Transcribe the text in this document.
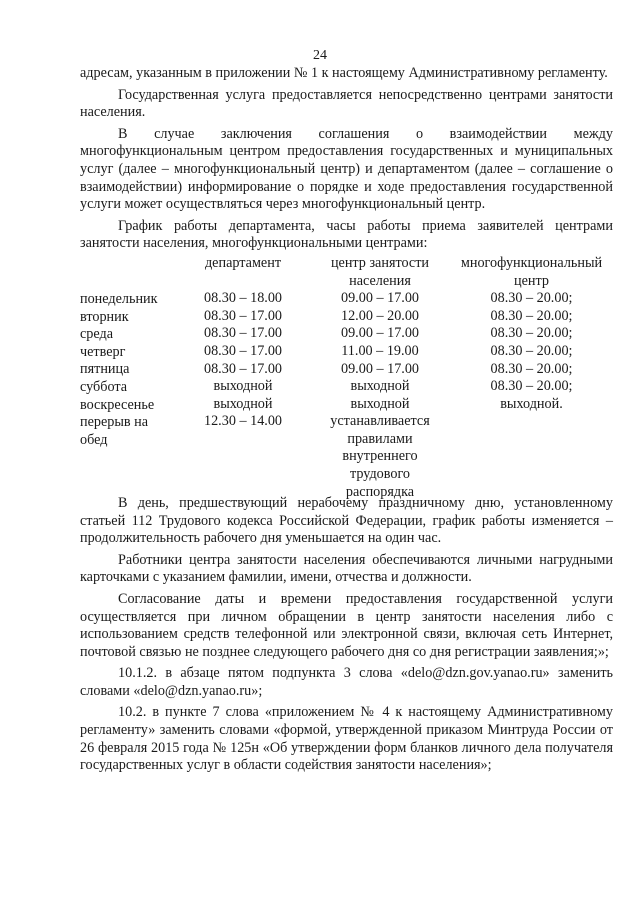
24

адресам, указанным в приложении № 1 к настоящему Административному регламенту.

Государственная услуга предоставляется непосредственно центрами занятости населения.

В случае заключения соглашения о взаимодействии между многофункциональным центром предоставления государственных и муниципальных услуг (далее – многофункциональный центр) и департаментом (далее – соглашение о взаимодействии) информирование о порядке и ходе предоставления государственной услуги может осуществляться через многофункциональный центр.

График работы департамента, часы работы приема заявителей центрами занятости населения, многофункциональными центрами:

понедельник
вторник
среда
четверг
пятница
суббота
воскресенье
перерыв на
обед
департамент
08.30 – 18.00
08.30 – 17.00
08.30 – 17.00
08.30 – 17.00
08.30 – 17.00
выходной
выходной
12.30 – 14.00
центр занятости
населения
09.00 – 17.00
12.00 – 20.00
09.00 – 17.00
11.00 – 19.00
09.00 – 17.00
выходной
выходной
устанавливается
правилами
внутреннего
трудового
распорядка
многофункциональный
центр
08.30 – 20.00;
08.30 – 20.00;
08.30 – 20.00;
08.30 – 20.00;
08.30 – 20.00;
08.30 – 20.00;
выходной.

В день, предшествующий нерабочему праздничному дню, установленному статьей 112 Трудового кодекса Российской Федерации, график работы изменяется – продолжительность рабочего дня уменьшается на один час.

Работники центра занятости населения обеспечиваются личными нагрудными карточками с указанием фамилии, имени, отчества и должности.

Согласование даты и времени предоставления государственной услуги осуществляется при личном обращении в центр занятости населения либо с использованием средств телефонной или электронной связи, включая сеть Интернет, почтовой связью не позднее следующего рабочего дня со дня регистрации заявления;»;

10.1.2. в абзаце пятом подпункта 3 слова «delo@dzn.gov.yanao.ru» заменить словами «delo@dzn.yanao.ru»;

10.2. в пункте 7 слова «приложением № 4 к настоящему Административному регламенту» заменить словами «формой, утвержденной приказом Минтруда России от 26 февраля 2015 года № 125н «Об утверждении форм бланков личного дела получателя государственных услуг в области содействия занятости населения»;
